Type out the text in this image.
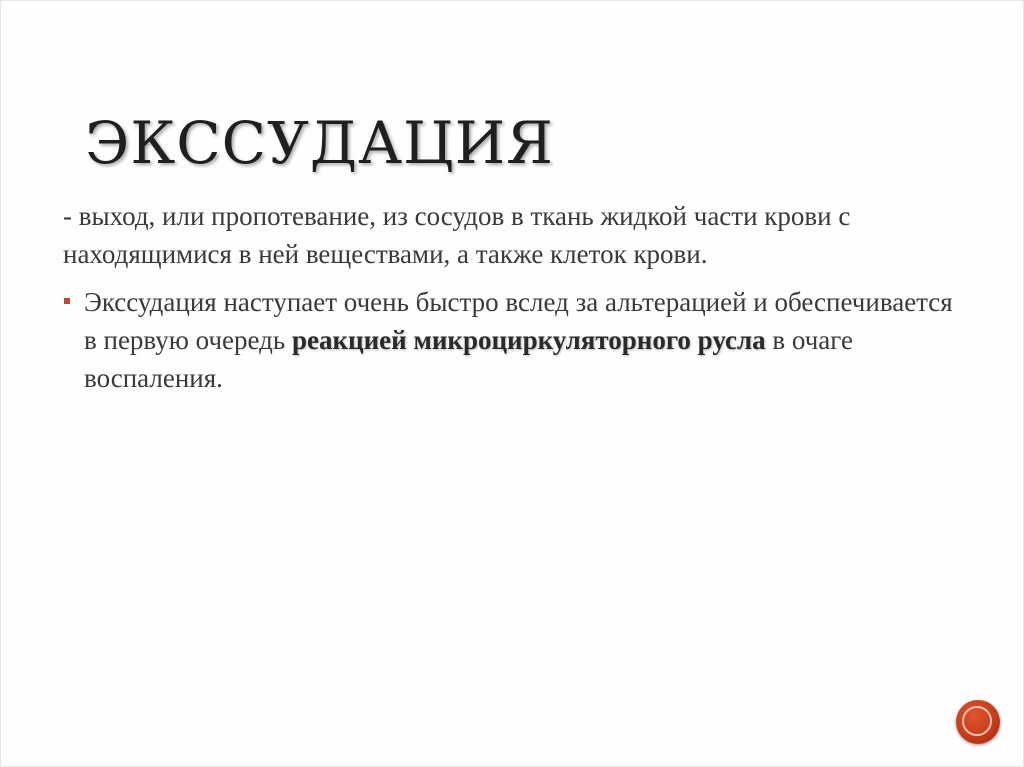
ЭКССУДАЦИЯ

- выход, или пропотевание, из сосудов в ткань жидкой части крови с находящимися в ней веществами, а также клеток крови.

Экссудация наступает очень быстро вслед за альтерацией и обеспечивается в первую очередь реакцией микроциркуляторного русла в очаге воспаления.
